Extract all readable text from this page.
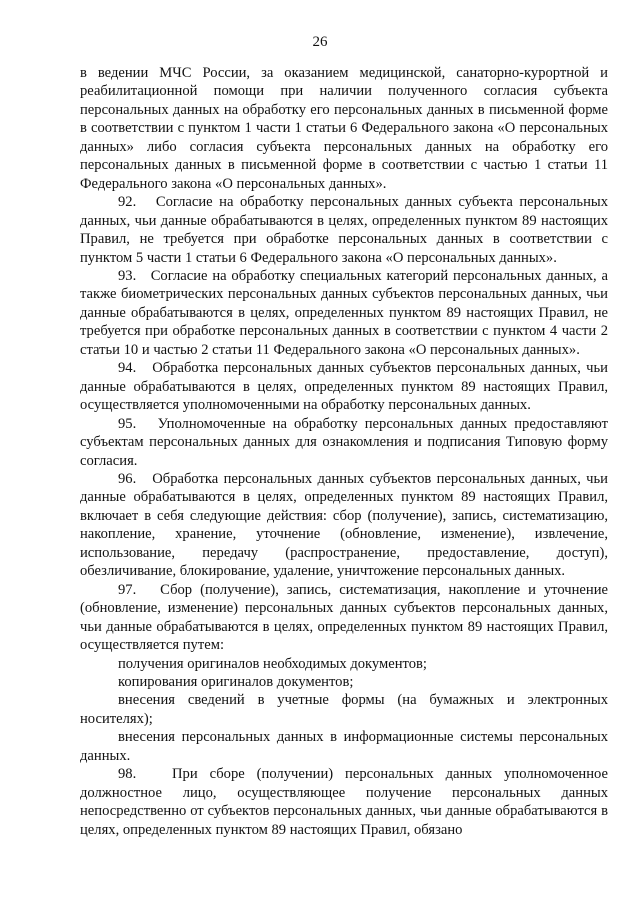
26

в ведении МЧС России, за оказанием медицинской, санаторно-курортной и реабилитационной помощи при наличии полученного согласия субъекта персональных данных на обработку его персональных данных в письменной форме в соответствии с пунктом 1 части 1 статьи 6 Федерального закона «О персональных данных» либо согласия субъекта персональных данных на обработку его персональных данных в письменной форме в соответствии с частью 1 статьи 11 Федерального закона «О персональных данных».

92.   Согласие на обработку персональных данных субъекта персональных данных, чьи данные обрабатываются в целях, определенных пунктом 89 настоящих Правил, не требуется при обработке персональных данных в соответствии с пунктом 5 части 1 статьи 6 Федерального закона «О персональных данных».

93.   Согласие на обработку специальных категорий персональных данных, а также биометрических персональных данных субъектов персональных данных, чьи данные обрабатываются в целях, определенных пунктом 89 настоящих Правил, не требуется при обработке персональных данных в соответствии с пунктом 4 части 2 статьи 10 и частью 2 статьи 11 Федерального закона «О персональных данных».

94.   Обработка персональных данных субъектов персональных данных, чьи данные обрабатываются в целях, определенных пунктом 89 настоящих Правил, осуществляется уполномоченными на обработку персональных данных.

95.   Уполномоченные на обработку персональных данных предоставляют субъектам персональных данных для ознакомления и подписания Типовую форму согласия.

96.   Обработка персональных данных субъектов персональных данных, чьи данные обрабатываются в целях, определенных пунктом 89 настоящих Правил, включает в себя следующие действия: сбор (получение), запись, систематизацию, накопление, хранение, уточнение (обновление, изменение), извлечение, использование, передачу (распространение, предоставление, доступ), обезличивание, блокирование, удаление, уничтожение персональных данных.

97.   Сбор (получение), запись, систематизация, накопление и уточнение (обновление, изменение) персональных данных субъектов персональных данных, чьи данные обрабатываются в целях, определенных пунктом 89 настоящих Правил, осуществляется путем:

получения оригиналов необходимых документов;

копирования оригиналов документов;

внесения сведений в учетные формы (на бумажных и электронных носителях);

внесения персональных данных в информационные системы персональных данных.

98.   При сборе (получении) персональных данных уполномоченное должностное лицо, осуществляющее получение персональных данных непосредственно от субъектов персональных данных, чьи данные обрабатываются в целях, определенных пунктом 89 настоящих Правил, обязано
